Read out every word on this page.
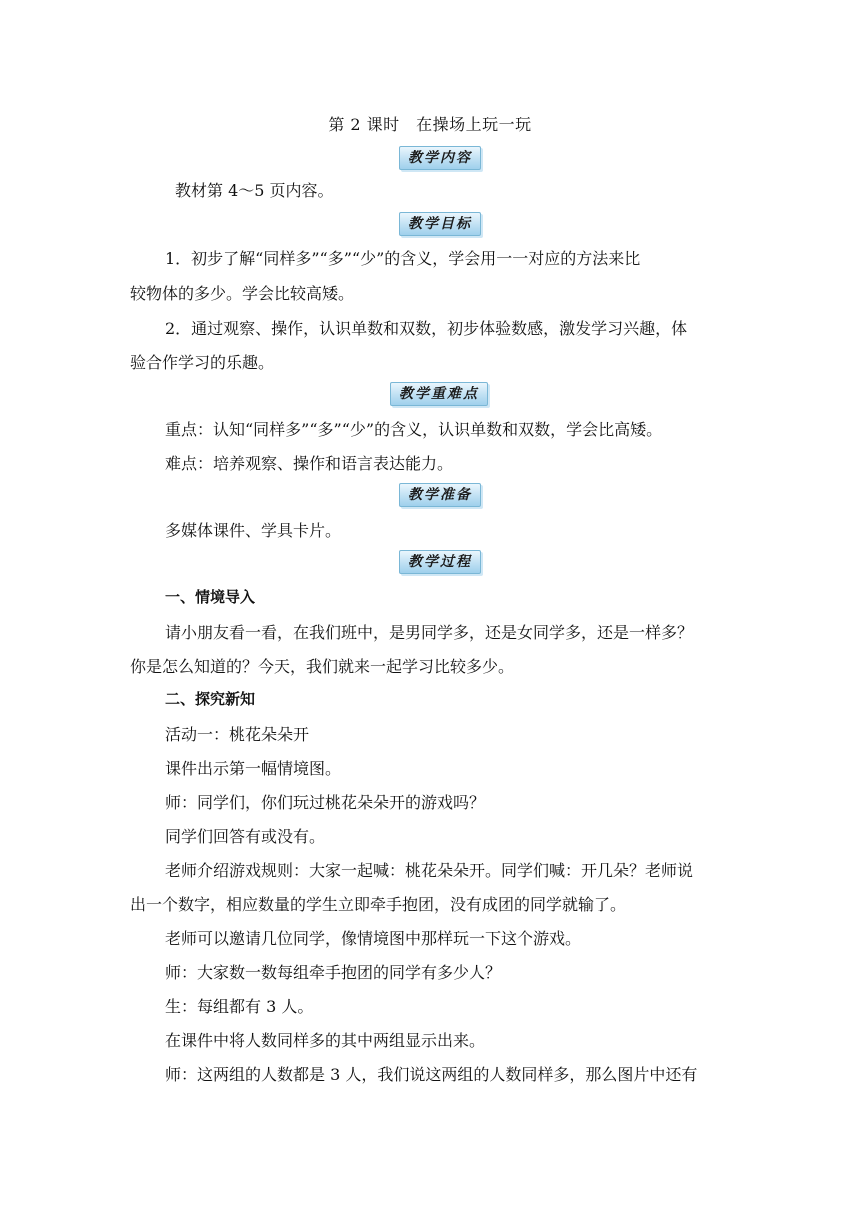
第 2 课时　在操场上玩一玩
教学内容
教材第 4～5 页内容。
教学目标
1．初步了解“同样多”“多”“少”的含义，学会用一一对应的方法来比
较物体的多少。学会比较高矮。
2．通过观察、操作，认识单数和双数，初步体验数感，激发学习兴趣，体
验合作学习的乐趣。
教学重难点
重点：认知“同样多”“多”“少”的含义，认识单数和双数，学会比高矮。
难点：培养观察、操作和语言表达能力。
教学准备
多媒体课件、学具卡片。
教学过程
一、情境导入
请小朋友看一看，在我们班中，是男同学多，还是女同学多，还是一样多？
你是怎么知道的？今天，我们就来一起学习比较多少。
二、探究新知
活动一：桃花朵朵开
课件出示第一幅情境图。
师：同学们，你们玩过桃花朵朵开的游戏吗？
同学们回答有或没有。
老师介绍游戏规则：大家一起喊：桃花朵朵开。同学们喊：开几朵？老师说
出一个数字，相应数量的学生立即牵手抱团，没有成团的同学就输了。
老师可以邀请几位同学，像情境图中那样玩一下这个游戏。
师：大家数一数每组牵手抱团的同学有多少人？
生：每组都有 3 人。
在课件中将人数同样多的其中两组显示出来。
师：这两组的人数都是 3 人，我们说这两组的人数同样多，那么图片中还有
